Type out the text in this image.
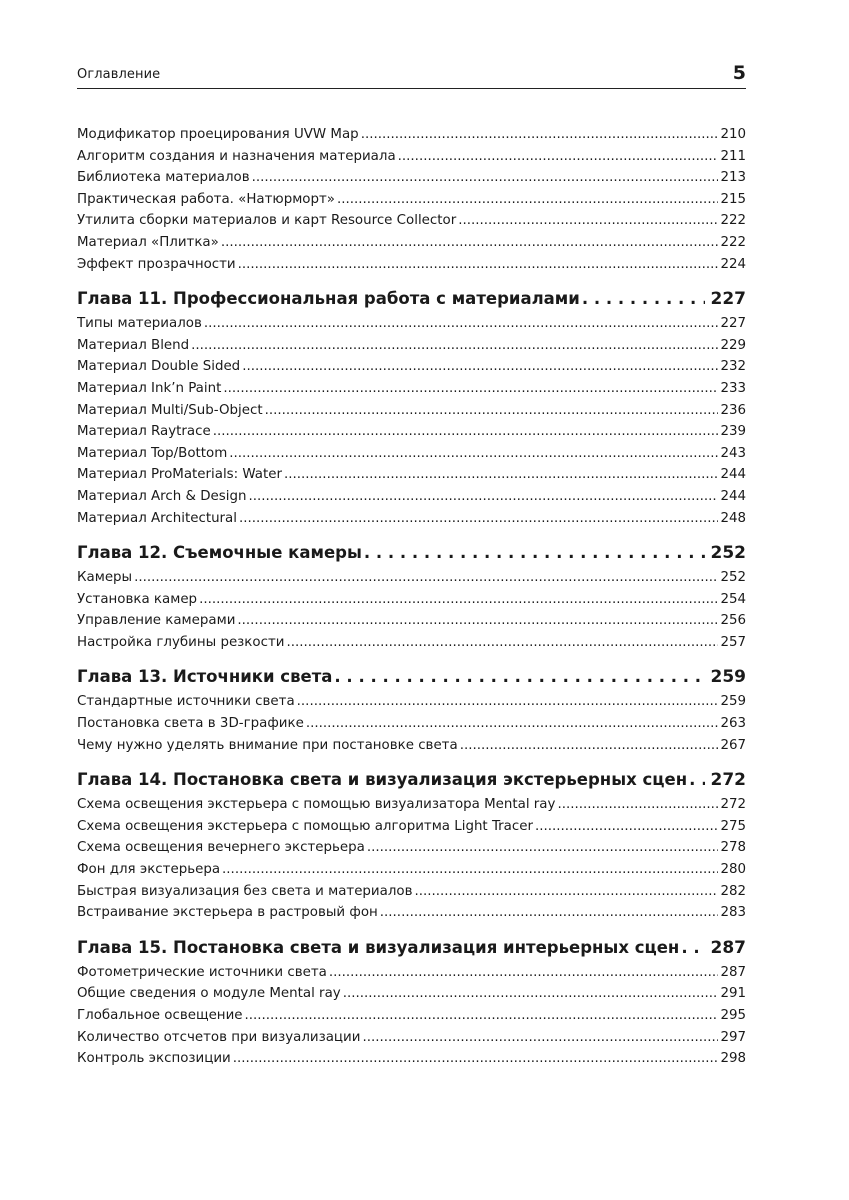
Оглавление	5
Модификатор проецирования UVW Map .....	210
Алгоритм создания и назначения материала .....	211
Библиотека материалов .....	213
Практическая работа. «Натюрморт» .....	215
Утилита сборки материалов и карт Resource Collector .....	222
Материал «Плитка» .....	222
Эффект прозрачности .....	224
Глава 11. Профессиональная работа с материалами . . .	227
Типы материалов .....	227
Материал Blend .....	229
Материал Double Sided .....	232
Материал Ink’n Paint .....	233
Материал Multi/Sub-Object .....	236
Материал Raytrace .....	239
Материал Top/Bottom .....	243
Материал ProMaterials: Water .....	244
Материал Arch & Design .....	244
Материал Architectural .....	248
Глава 12. Съемочные камеры . . .	252
Камеры .....	252
Установка камер .....	254
Управление камерами .....	256
Настройка глубины резкости .....	257
Глава 13. Источники света . . .	259
Стандартные источники света .....	259
Постановка света в 3D-графике .....	263
Чему нужно уделять внимание при постановке света .....	267
Глава 14. Постановка света и визуализация экстерьерных сцен . . .	272
Схема освещения экстерьера с помощью визуализатора Mental ray .....	272
Схема освещения экстерьера с помощью алгоритма Light Tracer .....	275
Схема освещения вечернего экстерьера .....	278
Фон для экстерьера .....	280
Быстрая визуализация без света и материалов .....	282
Встраивание экстерьера в растровый фон .....	283
Глава 15. Постановка света и визуализация интерьерных сцен . . .	287
Фотометрические источники света .....	287
Общие сведения о модуле Mental ray .....	291
Глобальное освещение .....	295
Количество отсчетов при визуализации .....	297
Контроль экспозиции .....	298
